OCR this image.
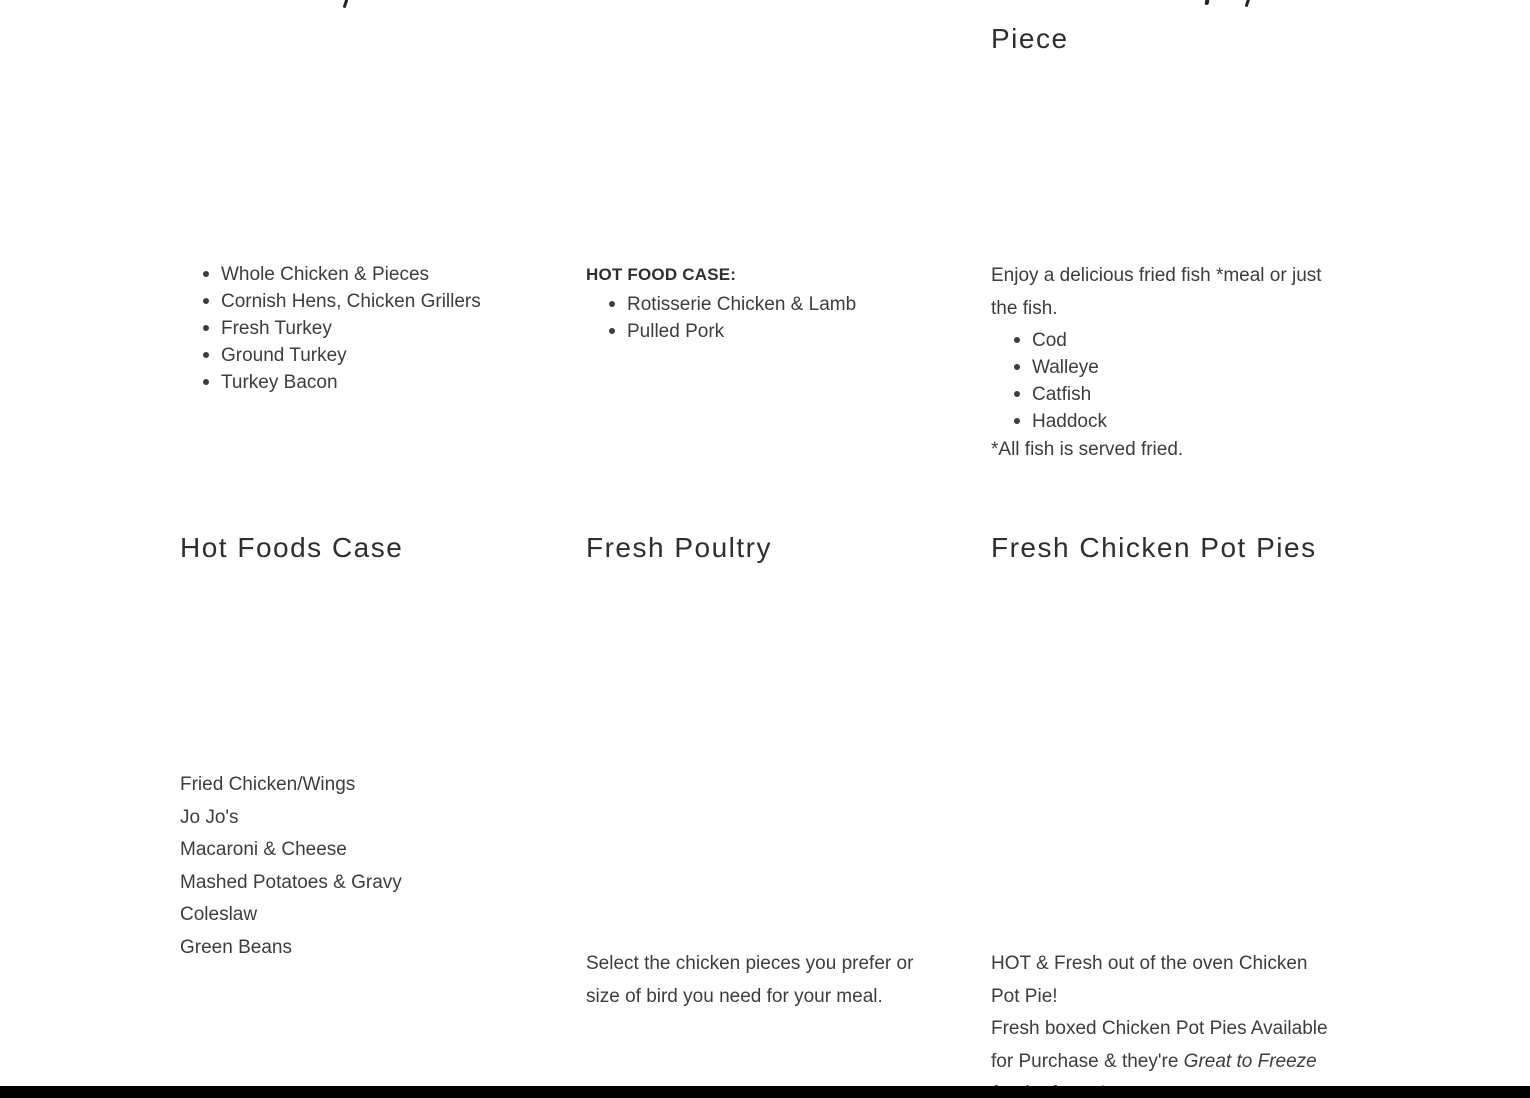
Piece
Whole Chicken & Pieces
Cornish Hens, Chicken Grillers
Fresh Turkey
Ground Turkey
Turkey Bacon
HOT FOOD CASE:
Rotisserie Chicken & Lamb
Pulled Pork
Enjoy a delicious fried fish *meal or just
the fish.
Cod
Walleye
Catfish
Haddock
*All fish is served fried.
Hot Foods Case	Fresh Poultry	Fresh Chicken Pot Pies
Fried Chicken/Wings
Jo Jo's
Macaroni & Cheese
Mashed Potatoes & Gravy
Coleslaw
Green Beans
Select the chicken pieces you prefer or
size of bird you need for your meal.
HOT & Fresh out of the oven Chicken
Pot Pie!
Fresh boxed Chicken Pot Pies Available
for Purchase & they're Great to Freeze
